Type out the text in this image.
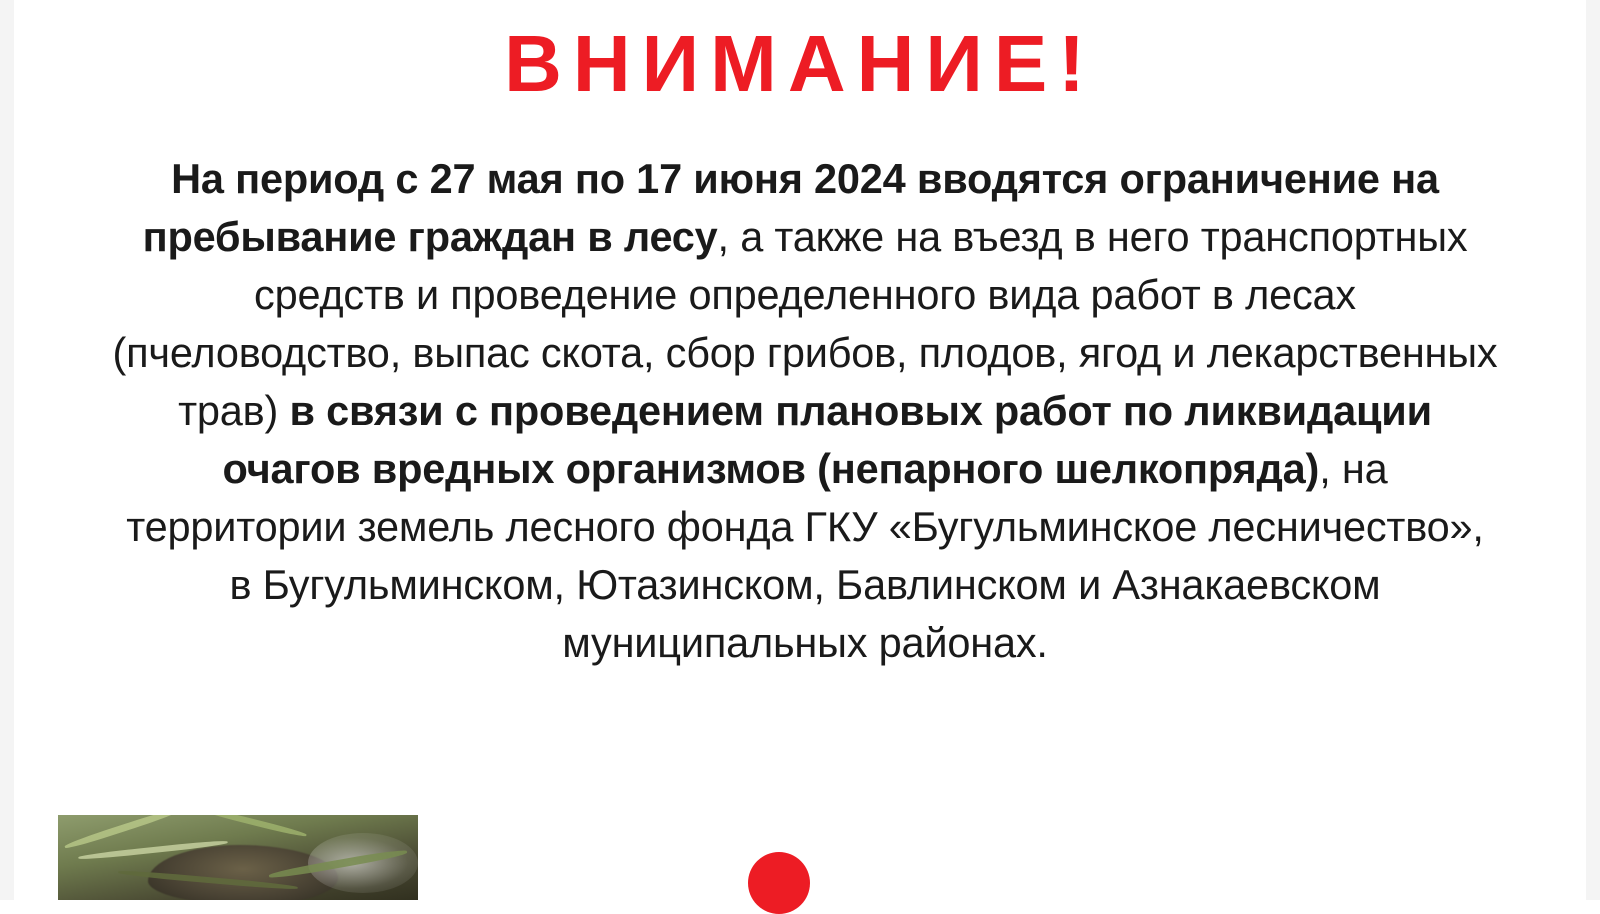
ВНИМАНИЕ!
На период с 27 мая по 17 июня 2024 вводятся ограничение на пребывание граждан в лесу, а также на въезд в него транспортных средств и проведение определенного вида работ в лесах (пчеловодство, выпас скота, сбор грибов, плодов, ягод и лекарственных трав) в связи с проведением плановых работ по ликвидации очагов вредных организмов (непарного шелкопряда), на территории земель лесного фонда ГКУ «Бугульминское лесничество», в Бугульминском, Ютазинском, Бавлинском и Азнакаевском муниципальных районах.
